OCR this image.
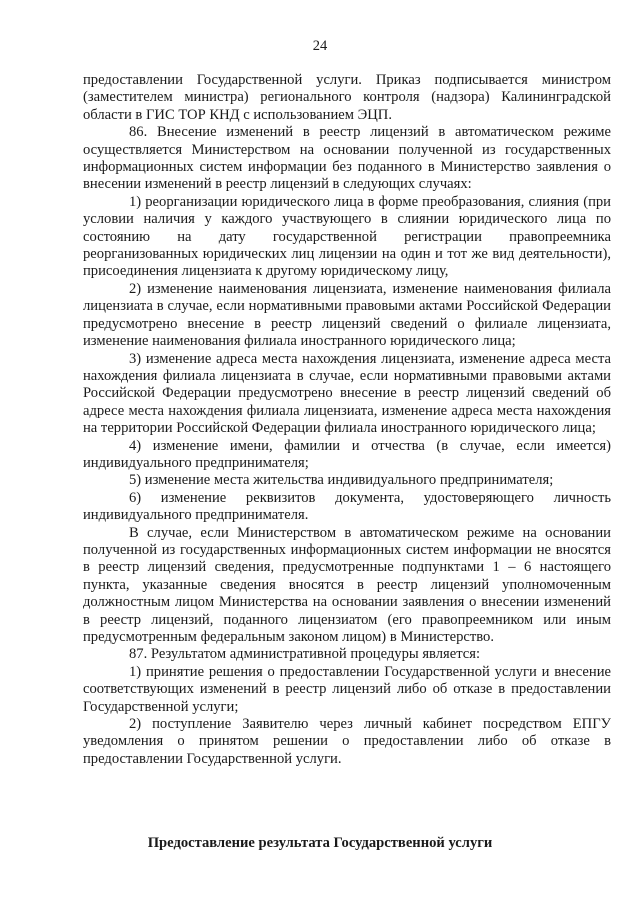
24

предоставлении Государственной услуги. Приказ подписывается министром (заместителем министра) регионального контроля (надзора) Калининградской области в ГИС ТОР КНД с использованием ЭЦП.

86. Внесение изменений в реестр лицензий в автоматическом режиме осуществляется Министерством на основании полученной из государственных информационных систем информации без поданного в Министерство заявления о внесении изменений в реестр лицензий в следующих случаях:

1) реорганизации юридического лица в форме преобразования, слияния (при условии наличия у каждого участвующего в слиянии юридического лица по состоянию на дату государственной регистрации правопреемника реорганизованных юридических лиц лицензии на один и тот же вид деятельности), присоединения лицензиата к другому юридическому лицу,

2) изменение наименования лицензиата, изменение наименования филиала лицензиата в случае, если нормативными правовыми актами Российской Федерации предусмотрено внесение в реестр лицензий сведений о филиале лицензиата, изменение наименования филиала иностранного юридического лица;

3) изменение адреса места нахождения лицензиата, изменение адреса места нахождения филиала лицензиата в случае, если нормативными правовыми актами Российской Федерации предусмотрено внесение в реестр лицензий сведений об адресе места нахождения филиала лицензиата, изменение адреса места нахождения на территории Российской Федерации филиала иностранного юридического лица;

4) изменение имени, фамилии и отчества (в случае, если имеется) индивидуального предпринимателя;

5) изменение места жительства индивидуального предпринимателя;

6) изменение реквизитов документа, удостоверяющего личность индивидуального предпринимателя.

В случае, если Министерством в автоматическом режиме на основании полученной из государственных информационных систем информации не вносятся в реестр лицензий сведения, предусмотренные подпунктами 1 – 6 настоящего пункта, указанные сведения вносятся в реестр лицензий уполномоченным должностным лицом Министерства на основании заявления о внесении изменений в реестр лицензий, поданного лицензиатом (его правопреемником или иным предусмотренным федеральным законом лицом) в Министерство.

87. Результатом административной процедуры является:

1) принятие решения о предоставлении Государственной услуги и внесение соответствующих изменений в реестр лицензий либо об отказе в предоставлении Государственной услуги;

2) поступление Заявителю через личный кабинет посредством ЕПГУ уведомления о принятом решении о предоставлении либо об отказе в предоставлении Государственной услуги.

Предоставление результата Государственной услуги
